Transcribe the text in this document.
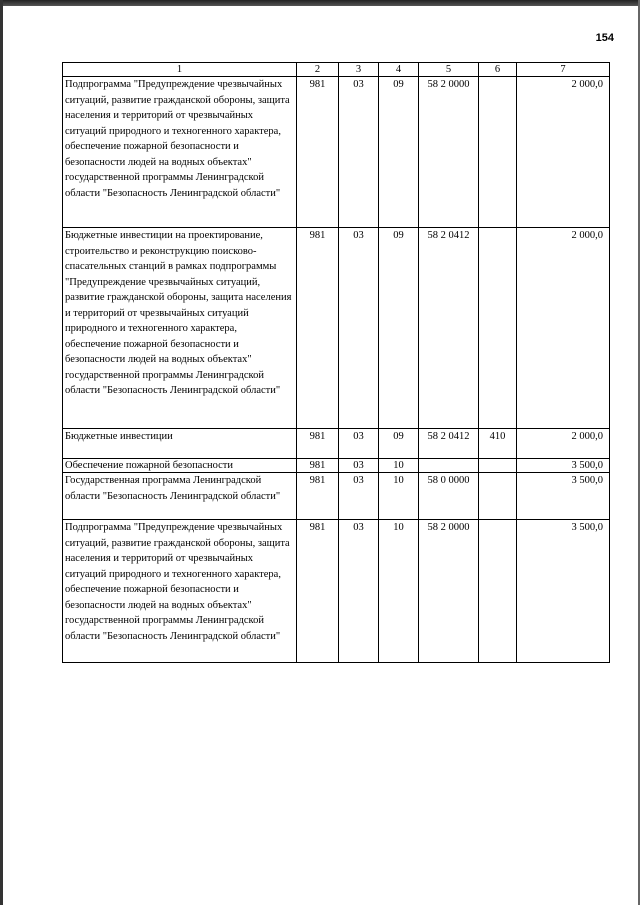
154
1	2	3	4	5	6	7
Подпрограмма "Предупреждение чрезвычайных ситуаций, развитие гражданской обороны, защита населения и территорий от чрезвычайных ситуаций природного и техногенного характера, обеспечение пожарной безопасности и безопасности людей на водных объектах" государственной программы Ленинградской области "Безопасность Ленинградской области"	981	03	09	58 2 0000		2 000,0
Бюджетные инвестиции на проектирование, строительство и реконструкцию поисково-спасательных станций в рамках подпрограммы "Предупреждение чрезвычайных ситуаций, развитие гражданской обороны, защита населения и территорий от чрезвычайных ситуаций природного и техногенного характера, обеспечение пожарной безопасности и безопасности людей на водных объектах" государственной программы Ленинградской области "Безопасность Ленинградской области"	981	03	09	58 2 0412		2 000,0
Бюджетные инвестиции	981	03	09	58 2 0412	410	2 000,0
Обеспечение пожарной безопасности	981	03	10			3 500,0
Государственная программа Ленинградской области "Безопасность Ленинградской области"	981	03	10	58 0 0000		3 500,0
Подпрограмма "Предупреждение чрезвычайных ситуаций, развитие гражданской обороны, защита населения и территорий от чрезвычайных ситуаций природного и техногенного характера, обеспечение пожарной безопасности и безопасности людей на водных объектах" государственной программы Ленинградской области "Безопасность Ленинградской области"	981	03	10	58 2 0000		3 500,0
